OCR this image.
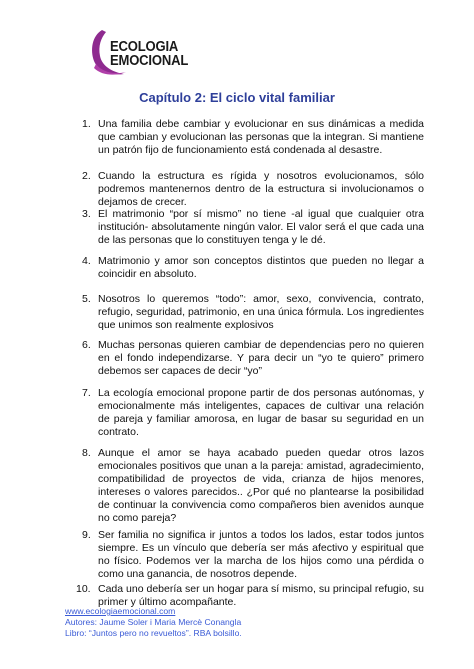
ECOLOGIA
EMOCIONAL
Capítulo 2: El ciclo vital familiar
1. Una familia debe cambiar y evolucionar en sus dinámicas a medida que cambian y evolucionan las personas que la integran. Si mantiene un patrón fijo de funcionamiento está condenada al desastre.
2. Cuando la estructura es rígida y nosotros evolucionamos, sólo podremos mantenernos dentro de la estructura si involucionamos o dejamos de crecer.
3. El matrimonio “por sí mismo” no tiene -al igual que cualquier otra institución- absolutamente ningún valor. El valor será el que cada una de las personas que lo constituyen tenga y le dé.
4. Matrimonio y amor son conceptos distintos que pueden no llegar a coincidir en absoluto.
5. Nosotros lo queremos “todo”: amor, sexo, convivencia, contrato, refugio, seguridad, patrimonio, en una única fórmula. Los ingredientes que unimos son realmente explosivos
6. Muchas personas quieren cambiar de dependencias pero no quieren en el fondo independizarse. Y para decir un “yo te quiero” primero debemos ser capaces de decir “yo”
7. La ecología emocional propone partir de dos personas autónomas, y emocionalmente más inteligentes, capaces de cultivar una relación de pareja y familiar amorosa, en lugar de basar su seguridad en un contrato.
8. Aunque el amor se haya acabado pueden quedar otros lazos emocionales positivos que unan a la pareja: amistad, agradecimiento, compatibilidad de proyectos de vida, crianza de hijos menores, intereses o valores parecidos.. ¿Por qué no plantearse la posibilidad de continuar la convivencia como compañeros bien avenidos aunque no como pareja?
9. Ser familia no significa ir juntos a todos los lados, estar todos juntos siempre. Es un vínculo que debería ser más afectivo y espiritual que no físico. Podemos ver la marcha de los hijos como una pérdida o como una ganancia, de nosotros depende.
10. Cada uno debería ser un hogar para sí mismo, su principal refugio, su primer y último acompañante.
www.ecologiaemocional.com
Autores: Jaume Soler i Maria Mercè Conangla
Libro: “Juntos pero no revueltos”. RBA bolsillo.
